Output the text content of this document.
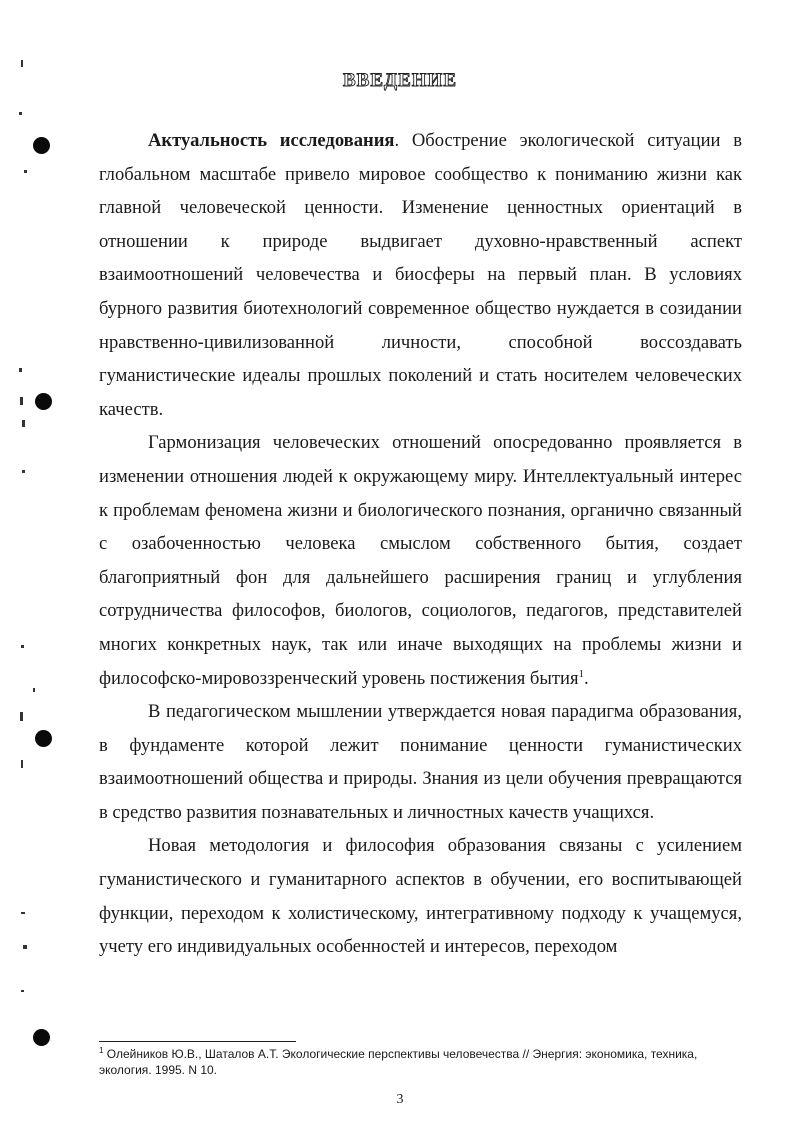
ВВЕДЕНИЕ

Актуальность исследования. Обострение экологической ситуации в глобальном масштабе привело мировое сообщество к пониманию жизни как главной человеческой ценности. Изменение ценностных ориентаций в отношении к природе выдвигает духовно-нравственный аспект взаимоотношений человечества и биосферы на первый план. В условиях бурного развития биотехнологий современное общество нуждается в созидании нравственно-цивилизованной личности, способной воссоздавать гуманистические идеалы прошлых поколений и стать носителем человеческих качеств.

Гармонизация человеческих отношений опосредованно проявляется в изменении отношения людей к окружающему миру. Интеллектуальный интерес к проблемам феномена жизни и биологического познания, органично связанный с озабоченностью человека смыслом собственного бытия, создает благоприятный фон для дальнейшего расширения границ и углубления сотрудничества философов, биологов, социологов, педагогов, представителей многих конкретных наук, так или иначе выходящих на проблемы жизни и философско-мировоззренческий уровень постижения бытия$^1$.

В педагогическом мышлении утверждается новая парадигма образования, в фундаменте которой лежит понимание ценности гуманистических взаимоотношений общества и природы. Знания из цели обучения превращаются в средство развития познавательных и личностных качеств учащихся.

Новая методология и философия образования связаны с усилением гуманистического и гуманитарного аспектов в обучении, его воспитывающей функции, переходом к холистическому, интегративному подходу к учащемуся, учету его индивидуальных особенностей и интересов, переходом

$^1$ Олейников Ю.В., Шаталов А.Т. Экологические перспективы человечества // Энергия: экономика, техника, экология. 1995. N 10.
3
